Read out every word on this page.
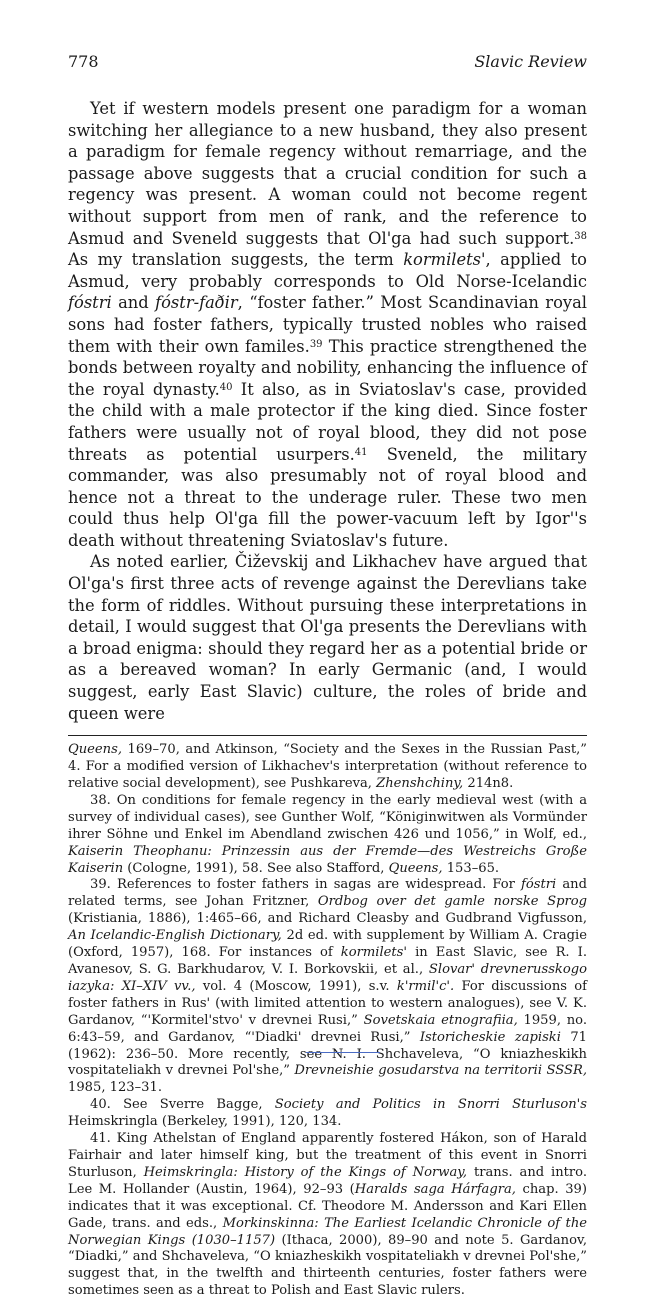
778	Slavic Review

Yet if western models present one paradigm for a woman switching her allegiance to a new husband, they also present a paradigm for female regency without remarriage, and the passage above suggests that a crucial condition for such a regency was present. A woman could not become regent without support from men of rank, and the reference to Asmud and Sveneld suggests that Ol'ga had such support.$^{38}$ As my translation suggests, the term kormilets', applied to Asmud, very probably corresponds to Old Norse-Icelandic fóstri and fóstr-faðir, “foster father.” Most Scandinavian royal sons had foster fathers, typically trusted nobles who raised them with their own familes.$^{39}$ This practice strengthened the bonds between royalty and nobility, enhancing the influence of the royal dynasty.$^{40}$ It also, as in Sviatoslav's case, provided the child with a male protector if the king died. Since foster fathers were usually not of royal blood, they did not pose threats as potential usurpers.$^{41}$ Sveneld, the military commander, was also presumably not of royal blood and hence not a threat to the underage ruler. These two men could thus help Ol'ga fill the power-vacuum left by Igor''s death without threatening Sviatoslav's future.

As noted earlier, Čiževskij and Likhachev have argued that Ol'ga's first three acts of revenge against the Derevlians take the form of riddles. Without pursuing these interpretations in detail, I would suggest that Ol'ga presents the Derevlians with a broad enigma: should they regard her as a potential bride or as a bereaved woman? In early Germanic (and, I would suggest, early East Slavic) culture, the roles of bride and queen were

Queens, 169–70, and Atkinson, “Society and the Sexes in the Russian Past,” 4. For a modified version of Likhachev's interpretation (without reference to relative social development), see Pushkareva, Zhenshchiny, 214n8.

38. On conditions for female regency in the early medieval west (with a survey of individual cases), see Gunther Wolf, “Königinwitwen als Vormünder ihrer Söhne und Enkel im Abendland zwischen 426 und 1056,” in Wolf, ed., Kaiserin Theophanu: Prinzessin aus der Fremde—des Westreichs Große Kaiserin (Cologne, 1991), 58. See also Stafford, Queens, 153–65.

39. References to foster fathers in sagas are widespread. For fóstri and related terms, see Johan Fritzner, Ordbog over det gamle norske Sprog (Kristiania, 1886), 1:465–66, and Richard Cleasby and Gudbrand Vigfusson, An Icelandic-English Dictionary, 2d ed. with supplement by William A. Cragie (Oxford, 1957), 168. For instances of kormilets' in East Slavic, see R. I. Avanesov, S. G. Barkhudarov, V. I. Borkovskii, et al., Slovar' drevnerusskogo iazyka: XI–XIV vv., vol. 4 (Moscow, 1991), s.v. k'rmil'c'. For discussions of foster fathers in Rus' (with limited attention to western analogues), see V. K. Gardanov, “'Kormitel'stvo' v drevnei Rusi,” Sovetskaia etnografiia, 1959, no. 6:43–59, and Gardanov, “'Diadki' drevnei Rusi,” Istoricheskie zapiski 71 (1962): 236–50. More recently, see N. I. Shchaveleva, “O kniazheskikh vospitateliakh v drevnei Pol'she,” Drevneishie gosudarstva na territorii SSSR, 1985, 123–31.

40. See Sverre Bagge, Society and Politics in Snorri Sturluson's Heimskringla (Berkeley, 1991), 120, 134.

41. King Athelstan of England apparently fostered Hákon, son of Harald Fairhair and later himself king, but the treatment of this event in Snorri Sturluson, Heimskringla: History of the Kings of Norway, trans. and intro. Lee M. Hollander (Austin, 1964), 92–93 (Haralds saga Hárfagra, chap. 39) indicates that it was exceptional. Cf. Theodore M. Andersson and Kari Ellen Gade, trans. and eds., Morkinskinna: The Earliest Icelandic Chronicle of the Norwegian Kings (1030–1157) (Ithaca, 2000), 89–90 and note 5. Gardanov, “Diadki,” and Shchaveleva, “O kniazheskikh vospitateliakh v drevnei Pol'she,” suggest that, in the twelfth and thirteenth centuries, foster fathers were sometimes seen as a threat to Polish and East Slavic rulers.
